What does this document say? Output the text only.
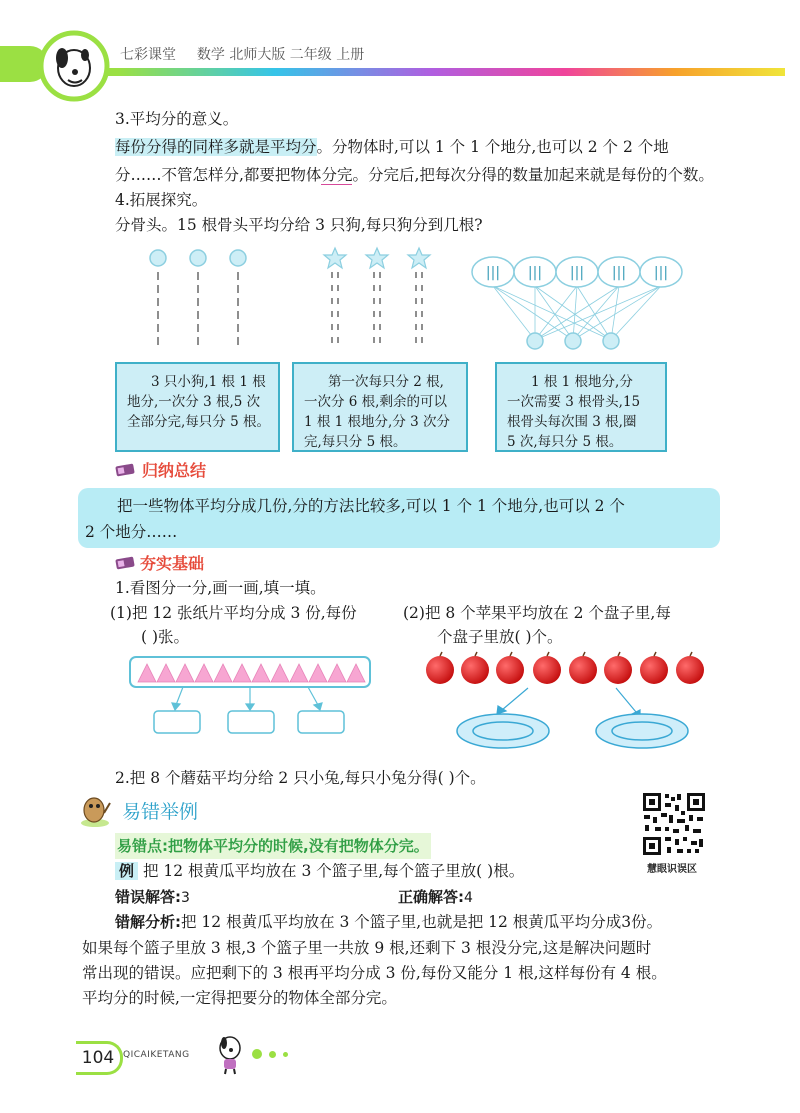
七彩课堂 数学 北师大版 二年级 上册
3.平均分的意义。
每份分得的同样多就是平均分。分物体时,可以 1 个 1 个地分,也可以 2 个 2 个地
分……不管怎样分,都要把物体分完。分完后,把每次分得的数量加起来就是每份的个数。
4.拓展探究。
分骨头。15 根骨头平均分给 3 只狗,每只狗分到几根?
||| ||| ||| ||| |||
3 只小狗,1 根 1 根
地分,一次分 3 根,5 次
全部分完,每只分 5 根。
第一次每只分 2 根,
一次分 6 根,剩余的可以
1 根 1 根地分,分 3 次分
完,每只分 5 根。
1 根 1 根地分,分
一次需要 3 根骨头,15
根骨头每次围 3 根,圈
5 次,每只分 5 根。
归纳总结
把一些物体平均分成几份,分的方法比较多,可以 1 个 1 个地分,也可以 2 个
2 个地分……
夯实基础
1.看图分一分,画一画,填一填。
(1)把 12 张纸片平均分成 3 份,每份
( )张。
(2)把 8 个苹果平均放在 2 个盘子里,每
个盘子里放( )个。
2.把 8 个蘑菇平均分给 2 只小兔,每只小兔分得( )个。
易错举例
慧眼识误区
易错点:把物体平均分的时候,没有把物体分完。
例 把 12 根黄瓜平均放在 3 个篮子里,每个篮子里放( )根。
错误解答:3	正确解答:4
错解分析:把 12 根黄瓜平均放在 3 个篮子里,也就是把 12 根黄瓜平均分成3份。
如果每个篮子里放 3 根,3 个篮子里一共放 9 根,还剩下 3 根没分完,这是解决问题时
常出现的错误。应把剩下的 3 根再平均分成 3 份,每份又能分 1 根,这样每份有 4 根。
平均分的时候,一定得把要分的物体全部分完。
104 QICAIKETANG
